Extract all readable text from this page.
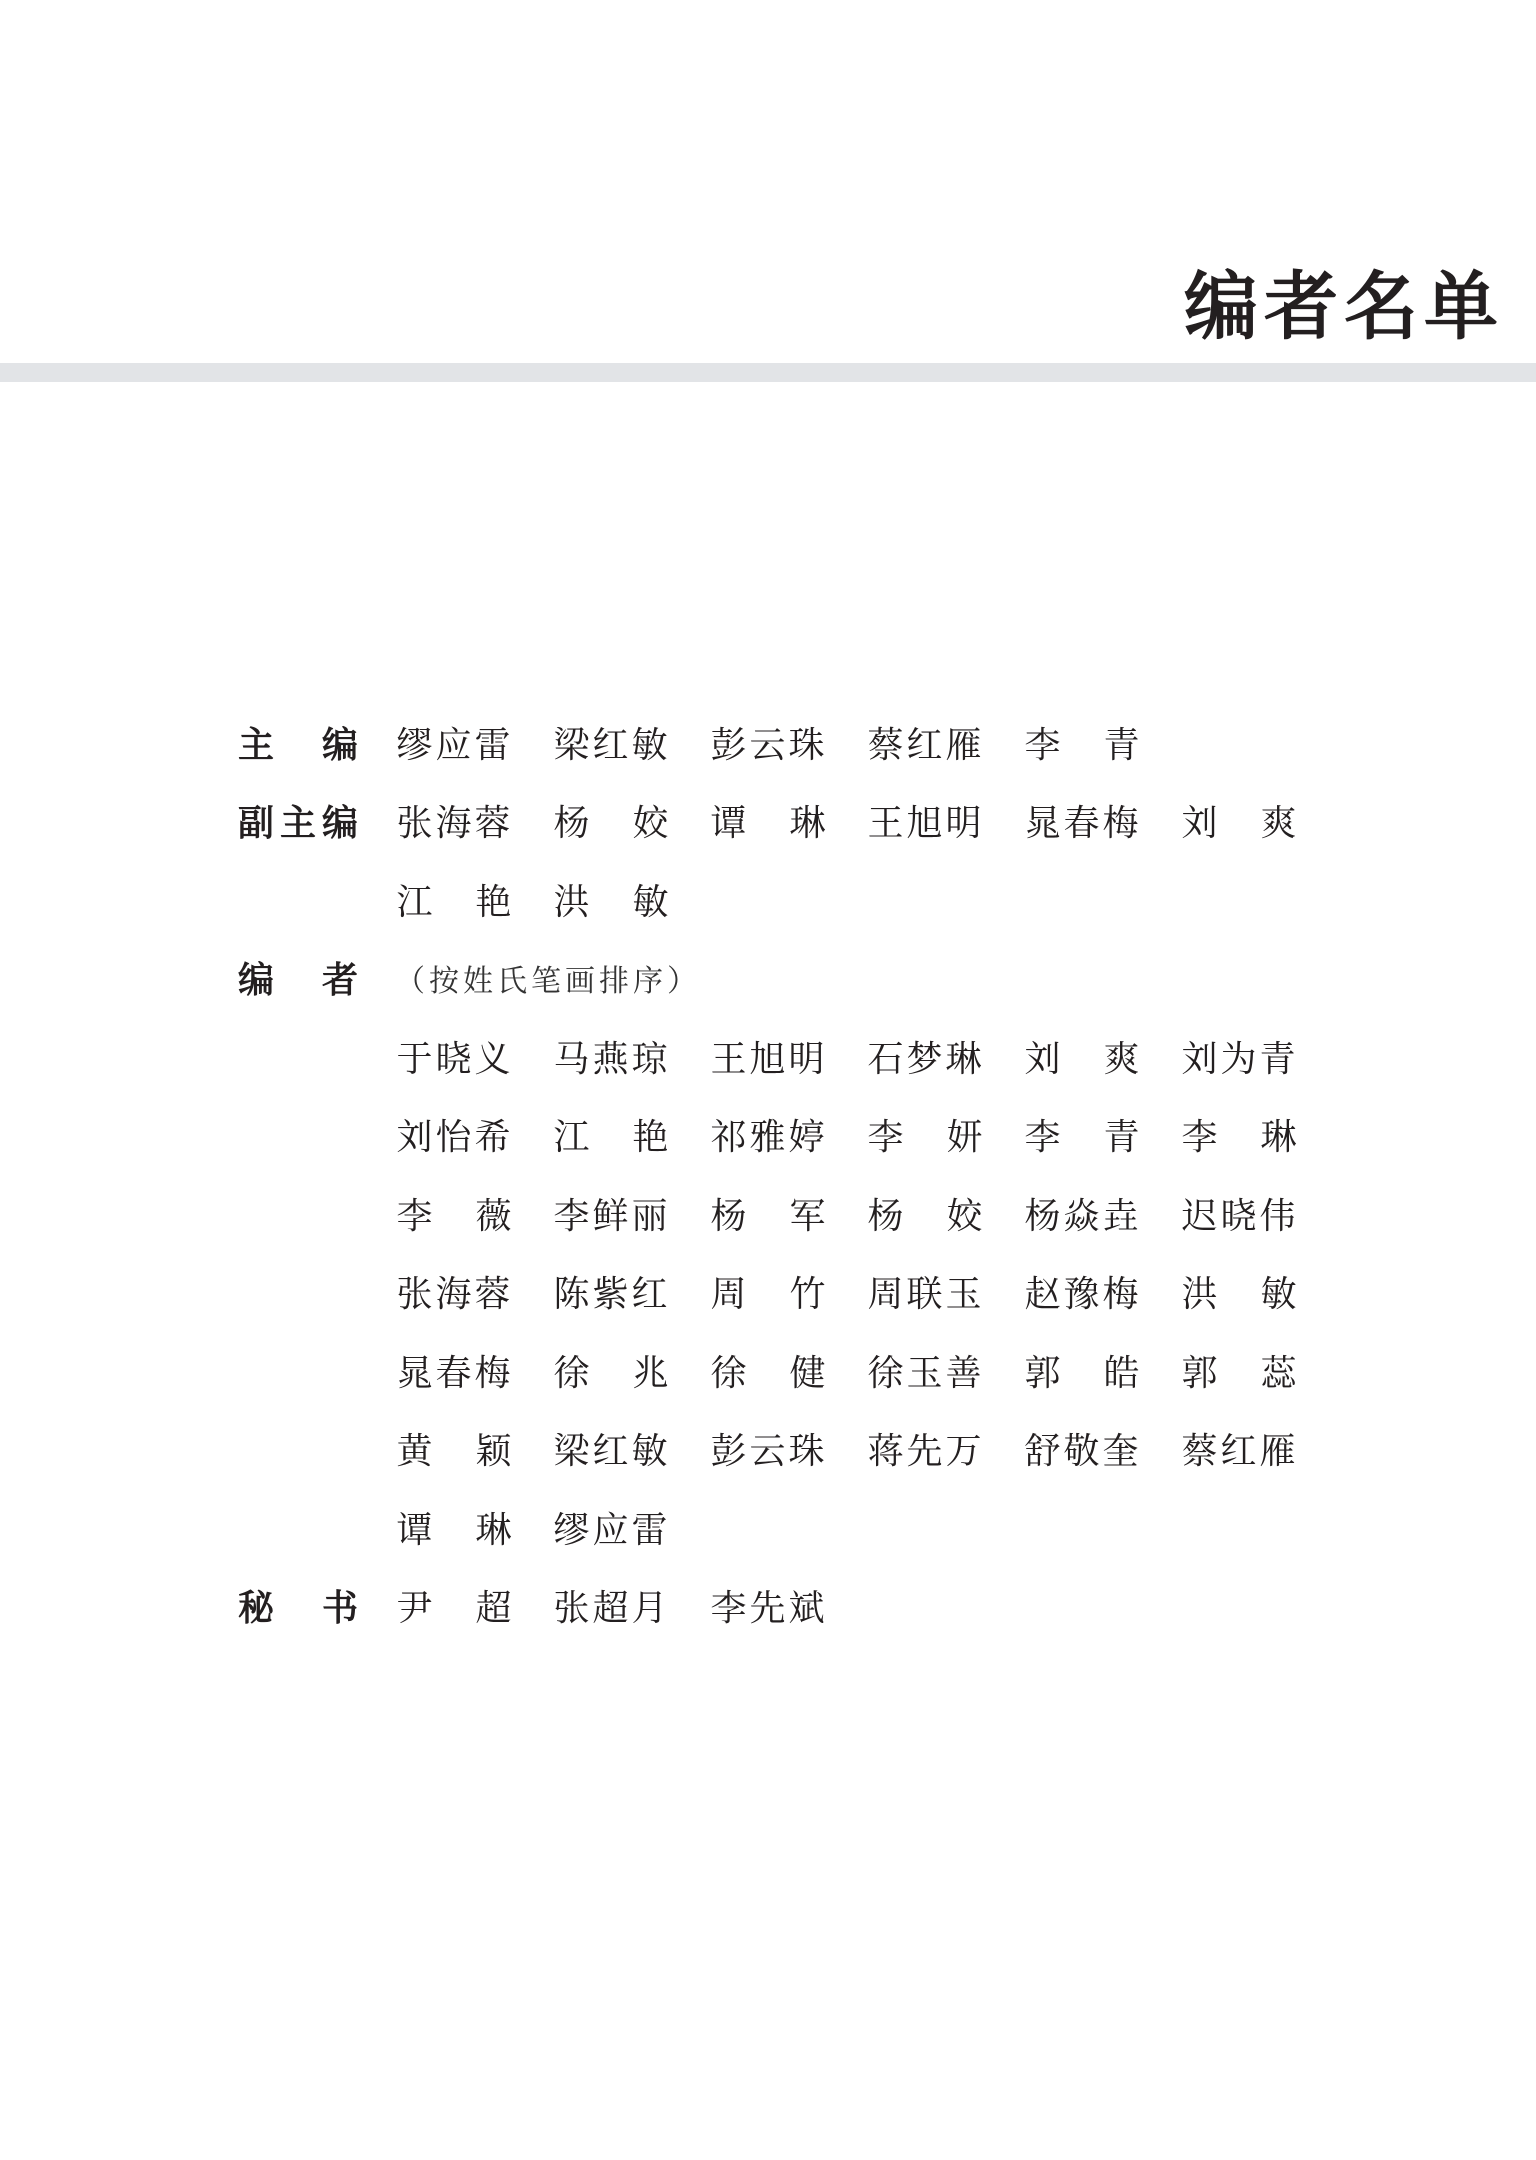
编者名单
主 编 缪 应 雷 梁 红 敏 彭 云 珠 蔡 红 雁 李 青
副 主 编 张 海 蓉 杨 姣 谭 琳 王 旭 明 晁 春 梅 刘 爽
江 艳 洪 敏
编 者 （按姓氏笔画排序）
于 晓 义 马 燕 琼 王 旭 明 石 梦 琳 刘 爽 刘 为 青
刘 怡 希 江 艳 祁 雅 婷 李 妍 李 青 李 琳
李 薇 李 鲜 丽 杨 军 杨 姣 杨 焱 垚 迟 晓 伟
张 海 蓉 陈 紫 红 周 竹 周 联 玉 赵 豫 梅 洪 敏
晁 春 梅 徐 兆 徐 健 徐 玉 善 郭 皓 郭 蕊
黄 颖 梁 红 敏 彭 云 珠 蒋 先 万 舒 敬 奎 蔡 红 雁
谭 琳 缪 应 雷
秘 书 尹 超 张 超 月 李 先 斌
